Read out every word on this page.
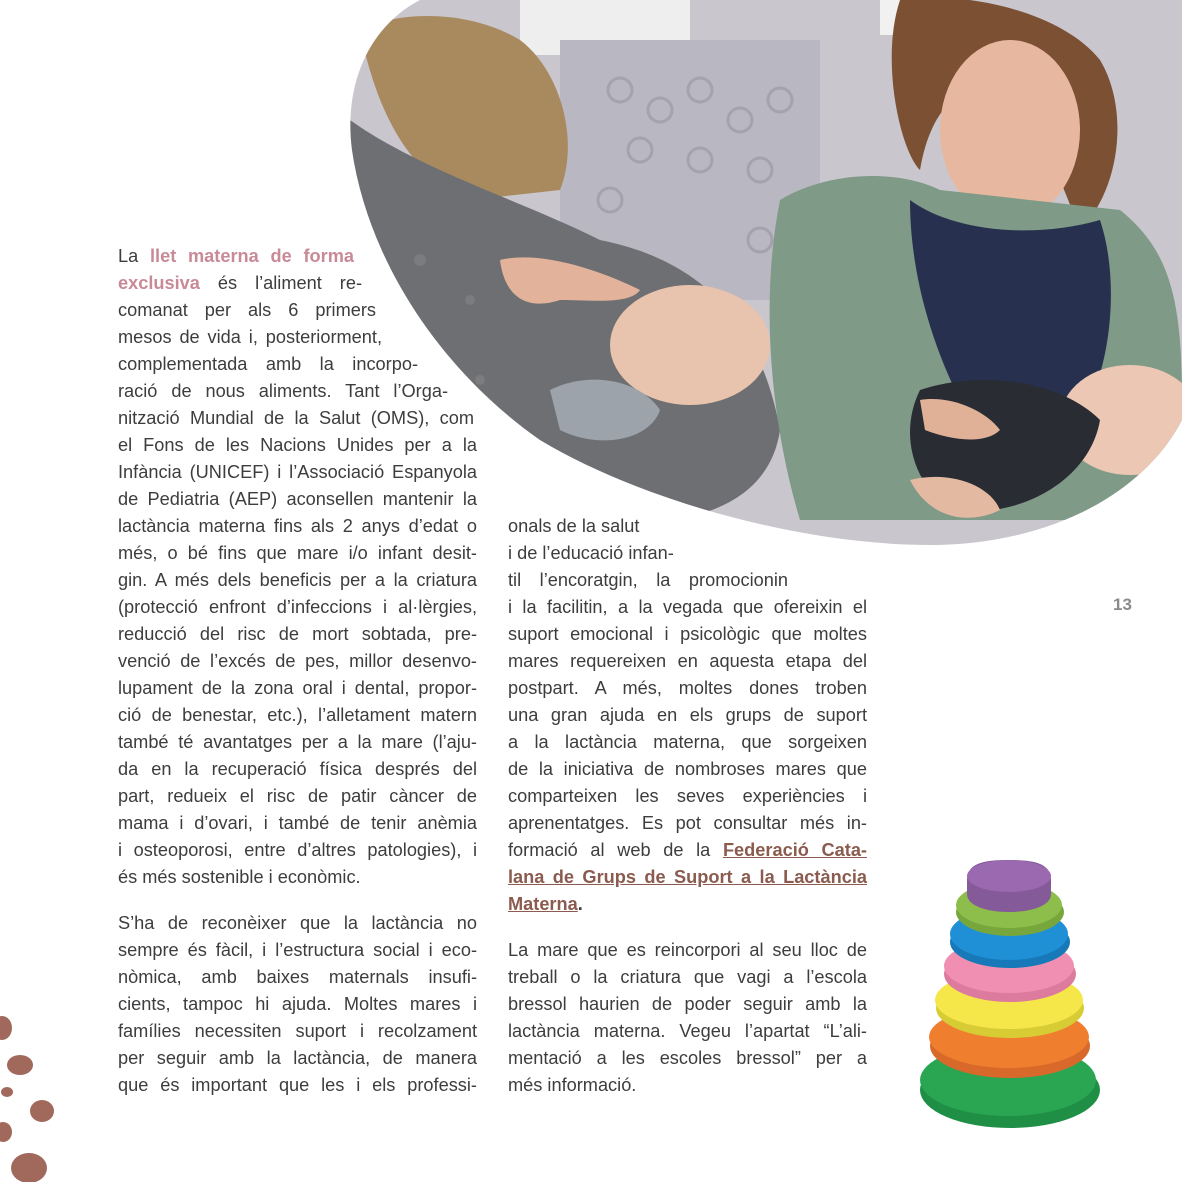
La llet materna de forma
exclusiva és l’aliment re-
comanat per als 6 primers
mesos de vida i, posteriorment,
complementada amb la incorpo-
ració de nous aliments. Tant l’Orga-
nització Mundial de la Salut (OMS), com
el Fons de les Nacions Unides per a la
Infància (UNICEF) i l’Associació Espanyola
de Pediatria (AEP) aconsellen mantenir la
lactància materna fins als 2 anys d’edat o
més, o bé fins que mare i/o infant desit-
gin. A més dels beneficis per a la criatura
(protecció enfront d’infeccions i al·lèrgies,
reducció del risc de mort sobtada, pre-
venció de l’excés de pes, millor desenvo-
lupament de la zona oral i dental, propor-
ció de benestar, etc.), l’alletament matern
també té avantatges per a la mare (l’aju-
da en la recuperació física després del
part, redueix el risc de patir càncer de
mama i d’ovari, i també de tenir anèmia
i osteoporosi, entre d’altres patologies), i
és més sostenible i econòmic.
S’ha de reconèixer que la lactància no
sempre és fàcil, i l’estructura social i eco-
nòmica, amb baixes maternals insufi-
cients, tampoc hi ajuda. Moltes mares i
famílies necessiten suport i recolzament
per seguir amb la lactància, de manera
que és important que les i els professi-
onals de la salut
i de l’educació infan-
til l’encoratgin, la promocionin
i la facilitin, a la vegada que ofereixin el
suport emocional i psicològic que moltes
mares requereixen en aquesta etapa del
postpart. A més, moltes dones troben
una gran ajuda en els grups de suport
a la lactància materna, que sorgeixen
de la iniciativa de nombroses mares que
comparteixen les seves experiències i
aprenentatges. Es pot consultar més in-
formació al web de la Federació Cata-
lana de Grups de Suport a la Lactància
Materna.
La mare que es reincorpori al seu lloc de
treball o la criatura que vagi a l’escola
bressol haurien de poder seguir amb la
lactància materna. Vegeu l’apartat “L’ali-
mentació a les escoles bressol” per a
més informació.
13
